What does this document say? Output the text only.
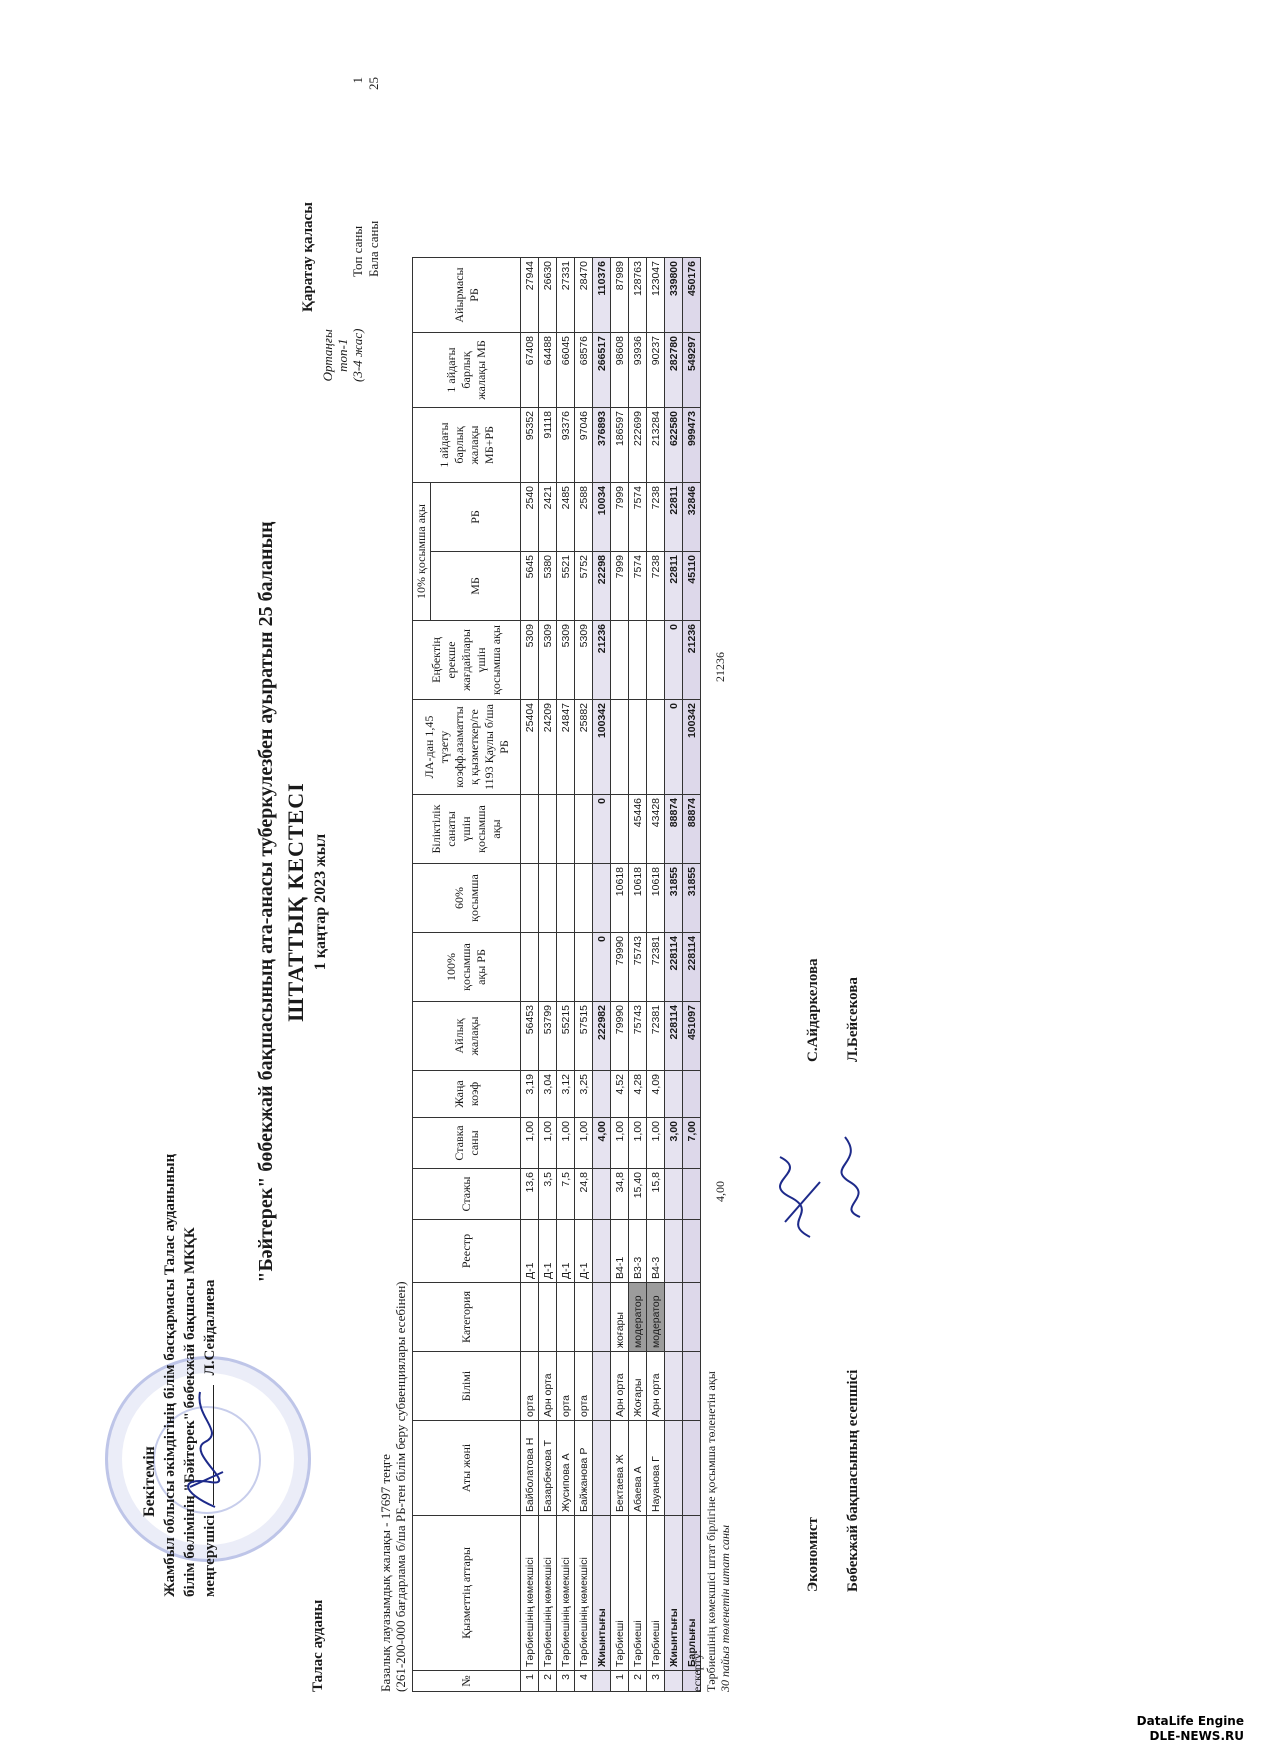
Бекітемін Жамбыл облысы әкімдігінің білім басқармасы Талас ауданының білім бөлімінің "Бәйтерек" бөбекжай бақшасы МКҚК меңгерушісі  Л.Сейдалиева
Талас ауданы
"Бәйтерек" бөбекжай бақшасының ата-анасы туберкулезбен ауыратын 25 баланың ШТАТТЫҚ КЕСТЕСІ 1 қаңтар 2023 жыл
Қаратау қаласы
Ортаңғы топ-1 (3-4 жас)
Топ саны
1
Бала саны
25
Базалық лауазымдық жалақы - 17697 теңге (261-200-000 бағдарлама б/ша РБ-тен білім беру субвенциялары есебінен)	№	Қызметтің аттары	Аты жөні	Білімі	Категория	Реестр	Стажы	Ставка саны	Жаңа коэф	Айлық жалақы	100% қосымша ақы РБ	60% қосымша	Біліктілік санаты үшін қосымша ақы	ЛА-дан 1,45 түзету коэфф.азаматты қ қызметкер/ге 1193 Қаулы б/ша РБ	Еңбектің ерекше жағдайлары үшін қосымша ақы	10% қосымша ақы		1 айдағы барлық жалақы МБ+РБ	1 айдағы барлық жалақы МБ	Айырмасы РБ
															МБ	РБ			
1	Тәрбиешінің көмекшісі	Байболатова Н	орта		Д-1	13,6	1,00	3,19	56453				25404	5309	5645	2540	95352	67408	27944
2	Тәрбиешінің көмекшісі	Базарбекова Т	Арн орта		Д-1	3,5	1,00	3,04	53799				24209	5309	5380	2421	91118	64488	26630
3	Тәрбиешінің көмекшісі	Жусипова А	орта		Д-1	7,5	1,00	3,12	55215				24847	5309	5521	2485	93376	66045	27331
4	Тәрбиешінің көмекшісі	Байжанова Р	орта		Д-1	24,8	1,00	3,25	57515				25882	5309	5752	2588	97046	68576	28470
	Жиынтығы						4,00		222982	0		0	100342	21236	22298	10034	376893	266517	110376
1	Тәрбиеші	Бектаева Ж	Арн орта	жоғары	В4-1	34,8	1,00	4,52	79990	79990	10618				7999	7999	186597	98608	87989
2	Тәрбиеші	Абаева А	Жоғары	модератор	В3-3	15,40	1,00	4,28	75743	75743	10618	45446			7574	7574	222699	93936	128763
3	Тәрбиеші	Науанова Г	Арн орта	модератор	В4-3	15,8	1,00	4,09	72381	72381	10618	43428			7238	7238	213284	90237	123047
	Жиынтығы						3,00		228114	228114	31855	88874	0	0	22811	22811	622580	282780	339800
	Барлығы						7,00		451097	228114	31855	88874	100342	21236	45110	32846	999473	549297	450176
ескерту: Тәрбиешінің көмекшісі штат бірлігіне қосымша төленетін ақы 30 пайыз төленетін штат саны
4,00
21236
Экономист
С.Айдаркелова
Бөбекжай бақшасының есепшісі
Л.Бейсекова
DataLife Engine
DLE-NEWS.RU
